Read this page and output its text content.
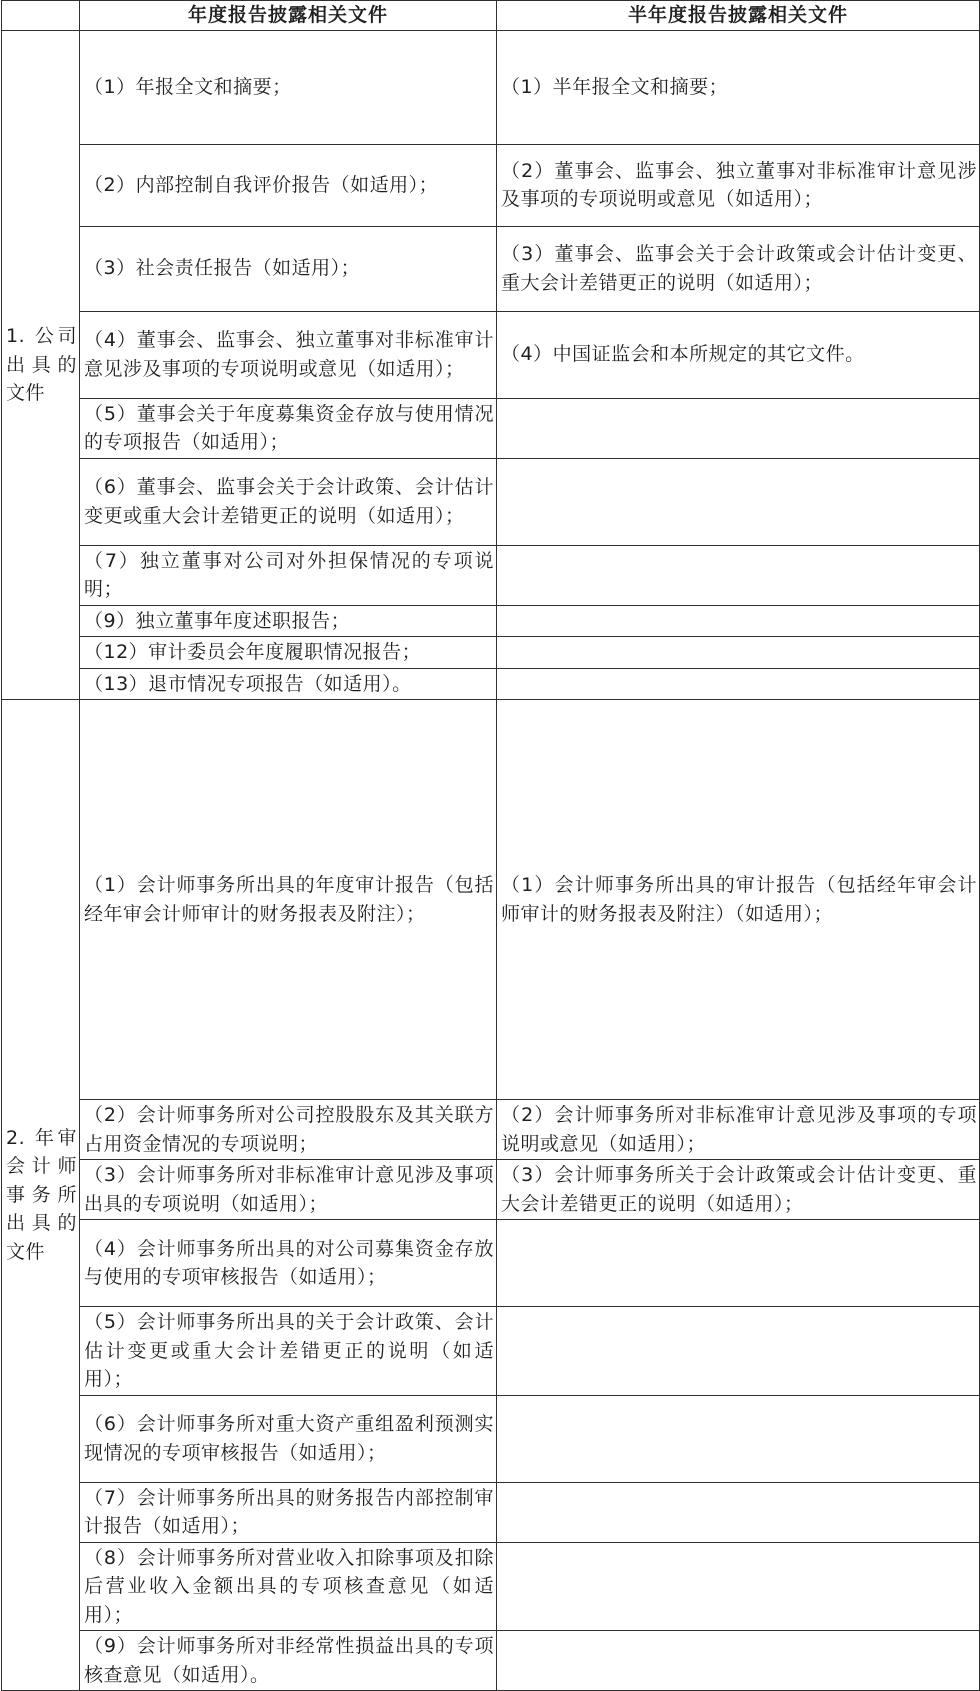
	年度报告披露相关文件	半年度报告披露相关文件
1. 公司出具的文件	（1）年报全文和摘要；	（1）半年报全文和摘要；
	（2）内部控制自我评价报告（如适用）；	（2）董事会、监事会、独立董事对非标准审计意见涉及事项的专项说明或意见（如适用）；
	（3）社会责任报告（如适用）；	（3）董事会、监事会关于会计政策或会计估计变更、重大会计差错更正的说明（如适用）；
	（4）董事会、监事会、独立董事对非标准审计意见涉及事项的专项说明或意见（如适用）；	（4）中国证监会和本所规定的其它文件。
	（5）董事会关于年度募集资金存放与使用情况的专项报告（如适用）；	
	（6）董事会、监事会关于会计政策、会计估计变更或重大会计差错更正的说明（如适用）；	
	（7）独立董事对公司对外担保情况的专项说明；	
	（9）独立董事年度述职报告；	
	（12）审计委员会年度履职情况报告；	
	（13）退市情况专项报告（如适用）。	
2. 年审会计师事务所出具的文件	（1）会计师事务所出具的年度审计报告（包括经年审会计师审计的财务报表及附注）；	（1）会计师事务所出具的审计报告（包括经年审会计师审计的财务报表及附注）（如适用）；
	（2）会计师事务所对公司控股股东及其关联方占用资金情况的专项说明；	（2）会计师事务所对非标准审计意见涉及事项的专项说明或意见（如适用）；
	（3）会计师事务所对非标准审计意见涉及事项出具的专项说明（如适用）；	（3）会计师事务所关于会计政策或会计估计变更、重大会计差错更正的说明（如适用）；
	（4）会计师事务所出具的对公司募集资金存放与使用的专项审核报告（如适用）；	
	（5）会计师事务所出具的关于会计政策、会计估计变更或重大会计差错更正的说明（如适用）；	
	（6）会计师事务所对重大资产重组盈利预测实现情况的专项审核报告（如适用）；	
	（7）会计师事务所出具的财务报告内部控制审计报告（如适用）；	
	（8）会计师事务所对营业收入扣除事项及扣除后营业收入金额出具的专项核查意见（如适用）；	
	（9）会计师事务所对非经常性损益出具的专项核查意见（如适用）。	
